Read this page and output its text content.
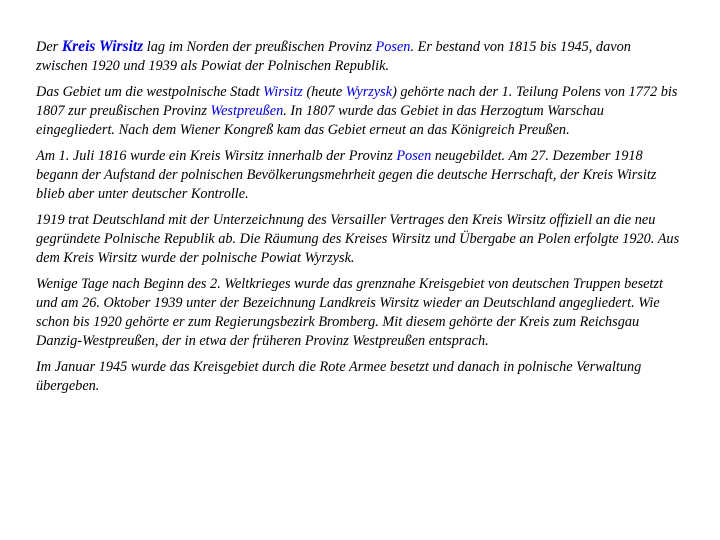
Der Kreis Wirsitz lag im Norden der preußischen Provinz Posen. Er bestand von 1815 bis 1945, davon zwischen 1920 und 1939 als Powiat der Polnischen Republik.

Das Gebiet um die westpolnische Stadt Wirsitz (heute Wyrzysk) gehörte nach der 1. Teilung Polens von 1772 bis 1807 zur preußischen Provinz Westpreußen. In 1807 wurde das Gebiet in das Herzogtum Warschau eingegliedert. Nach dem Wiener Kongreß kam das Gebiet erneut an das Königreich Preußen.

Am 1. Juli 1816 wurde ein Kreis Wirsitz innerhalb der Provinz Posen neugebildet. Am 27. Dezember 1918 begann der Aufstand der polnischen Bevölkerungsmehrheit gegen die deutsche Herrschaft, der Kreis Wirsitz blieb aber unter deutscher Kontrolle.

1919 trat Deutschland mit der Unterzeichnung des Versailler Vertrages den Kreis Wirsitz offiziell an die neu gegründete Polnische Republik ab. Die Räumung des Kreises Wirsitz und Übergabe an Polen erfolgte 1920. Aus dem Kreis Wirsitz wurde der polnische Powiat Wyrzysk.

Wenige Tage nach Beginn des 2. Weltkrieges wurde das grenznahe Kreisgebiet von deutschen Truppen besetzt und am 26. Oktober 1939 unter der Bezeichnung Landkreis Wirsitz wieder an Deutschland angegliedert. Wie schon bis 1920 gehörte er zum Regierungsbezirk Bromberg. Mit diesem gehörte der Kreis zum Reichsgau Danzig-Westpreußen, der in etwa der früheren Provinz Westpreußen entsprach.

Im Januar 1945 wurde das Kreisgebiet durch die Rote Armee besetzt und danach in polnische Verwaltung übergeben.
